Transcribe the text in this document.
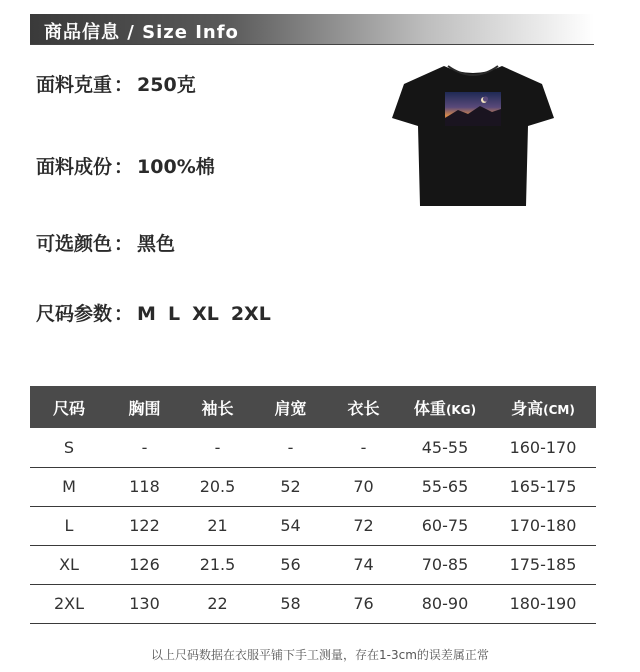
商品信息 / Size Info
面料克重 ： 250克
面料成份 ： 100%棉
可选颜色 ： 黑色
尺码参数 ： M L XL 2XL
尺码	胸围	袖长	肩宽	衣长	体重(KG)	身高(CM)
S	-	-	-	-	45-55	160-170
M	118	20.5	52	70	55-65	165-175
L	122	21	54	72	60-75	170-180
XL	126	21.5	56	74	70-85	175-185
2XL	130	22	58	76	80-90	180-190
以上尺码数据在衣服平铺下手工测量，存在1-3cm的误差属正常
